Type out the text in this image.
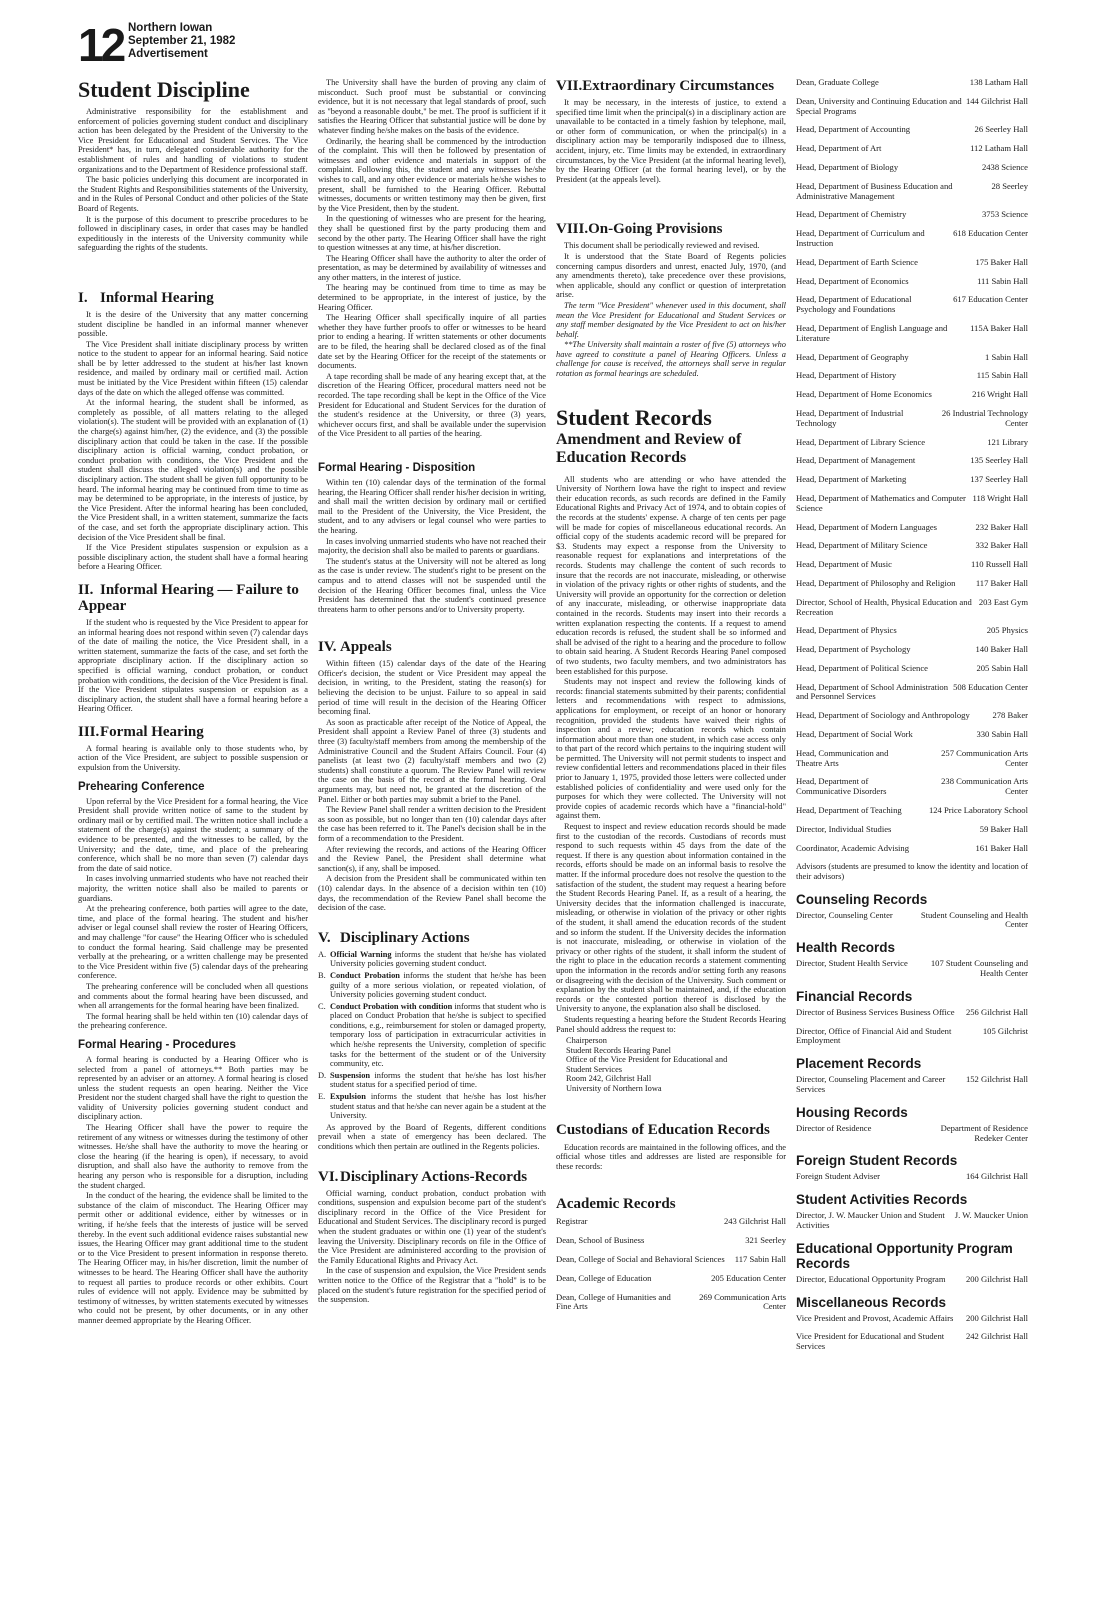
12 Northern Iowan
September 21, 1982
Advertisement
Student Discipline

Administrative responsibility for the establishment and enforcement of policies governing student conduct and disciplinary action has been delegated by the President of the University to the Vice President for Educational and Student Services. The Vice President* has, in turn, delegated considerable authority for the establishment of rules and handling of violations to student organizations and to the Department of Residence professional staff.

The basic policies underlying this document are incorporated in the Student Rights and Responsibilities statements of the University, and in the Rules of Personal Conduct and other policies of the State Board of Regents.

It is the purpose of this document to prescribe procedures to be followed in disciplinary cases, in order that cases may be handled expeditiously in the interests of the University community while safeguarding the rights of the students.

I. Informal Hearing

It is the desire of the University that any matter concerning student discipline be handled in an informal manner whenever possible.

The Vice President shall initiate disciplinary process by written notice to the student to appear for an informal hearing. Said notice shall be by letter addressed to the student at his/her last known residence, and mailed by ordinary mail or certified mail. Action must be initiated by the Vice President within fifteen (15) calendar days of the date on which the alleged offense was committed.

At the informal hearing, the student shall be informed, as completely as possible, of all matters relating to the alleged violation(s). The student will be provided with an explanation of (1) the charge(s) against him/her, (2) the evidence, and (3) the possible disciplinary action that could be taken in the case. If the possible disciplinary action is official warning, conduct probation, or conduct probation with conditions, the Vice President and the student shall discuss the alleged violation(s) and the possible disciplinary action. The student shall be given full opportunity to be heard. The informal hearing may be continued from time to time as may be determined to be appropriate, in the interests of justice, by the Vice President. After the informal hearing has been concluded, the Vice President shall, in a written statement, summarize the facts of the case, and set forth the appropriate disciplinary action. This decision of the Vice President shall be final.

If the Vice President stipulates suspension or expulsion as a possible disciplinary action, the student shall have a formal hearing before a Hearing Officer.

II. Informal Hearing — Failure to Appear

If the student who is requested by the Vice President to appear for an informal hearing does not respond within seven (7) calendar days of the date of mailing the notice, the Vice President shall, in a written statement, summarize the facts of the case, and set forth the appropriate disciplinary action. If the disciplinary action so specified is official warning, conduct probation, or conduct probation with conditions, the decision of the Vice President is final. If the Vice President stipulates suspension or expulsion as a disciplinary action, the student shall have a formal hearing before a Hearing Officer.

III.Formal Hearing

A formal hearing is available only to those students who, by action of the Vice President, are subject to possible suspension or expulsion from the University.

Prehearing Conference

Upon referral by the Vice President for a formal hearing, the Vice President shall provide written notice of same to the student by ordinary mail or by certified mail. The written notice shall include a statement of the charge(s) against the student; a summary of the evidence to be presented, and the witnesses to be called, by the University; and the date, time, and place of the prehearing conference, which shall be no more than seven (7) calendar days from the date of said notice.

In cases involving unmarried students who have not reached their majority, the written notice shall also be mailed to parents or guardians.

At the prehearing conference, both parties will agree to the date, time, and place of the formal hearing. The student and his/her adviser or legal counsel shall review the roster of Hearing Officers, and may challenge "for cause" the Hearing Officer who is scheduled to conduct the formal hearing. Said challenge may be presented verbally at the prehearing, or a written challenge may be presented to the Vice President within five (5) calendar days of the prehearing conference.

The prehearing conference will be concluded when all questions and comments about the formal hearing have been discussed, and when all arrangements for the formal hearing have been finalized.

The formal hearing shall be held within ten (10) calendar days of the prehearing conference.

Formal Hearing - Procedures

A formal hearing is conducted by a Hearing Officer who is selected from a panel of attorneys.** Both parties may be represented by an adviser or an attorney. A formal hearing is closed unless the student requests an open hearing. Neither the Vice President nor the student charged shall have the right to question the validity of University policies governing student conduct and disciplinary action.

The Hearing Officer shall have the power to require the retirement of any witness or witnesses during the testimony of other witnesses. He/she shall have the authority to move the hearing or close the hearing (if the hearing is open), if necessary, to avoid disruption, and shall also have the authority to remove from the hearing any person who is responsible for a disruption, including the student charged.

In the conduct of the hearing, the evidence shall be limited to the substance of the claim of misconduct. The Hearing Officer may permit other or additional evidence, either by witnesses or in writing, if he/she feels that the interests of justice will be served thereby. In the event such additional evidence raises substantial new issues, the Hearing Officer may grant additional time to the student or to the Vice President to present information in response thereto. The Hearing Officer may, in his/her discretion, limit the number of witnesses to be heard. The Hearing Officer shall have the authority to request all parties to produce records or other exhibits. Court rules of evidence will not apply. Evidence may be submitted by testimony of witnesses, by written statements executed by witnesses who could not be present, by other documents, or in any other manner deemed appropriate by the Hearing Officer.

The University shall have the burden of proving any claim of misconduct. Such proof must be substantial or convincing evidence, but it is not necessary that legal standards of proof, such as "beyond a reasonable doubt," be met. The proof is sufficient if it satisfies the Hearing Officer that substantial justice will be done by whatever finding he/she makes on the basis of the evidence.

Ordinarily, the hearing shall be commenced by the introduction of the complaint. This will then be followed by presentation of witnesses and other evidence and materials in support of the complaint. Following this, the student and any witnesses he/she wishes to call, and any other evidence or materials he/she wishes to present, shall be furnished to the Hearing Officer. Rebuttal witnesses, documents or written testimony may then be given, first by the Vice President, then by the student.

In the questioning of witnesses who are present for the hearing, they shall be questioned first by the party producing them and second by the other party. The Hearing Officer shall have the right to question witnesses at any time, at his/her discretion.

The Hearing Officer shall have the authority to alter the order of presentation, as may be determined by availability of witnesses and any other matters, in the interest of justice.

The hearing may be continued from time to time as may be determined to be appropriate, in the interest of justice, by the Hearing Officer.

The Hearing Officer shall specifically inquire of all parties whether they have further proofs to offer or witnesses to be heard prior to ending a hearing. If written statements or other documents are to be filed, the hearing shall be declared closed as of the final date set by the Hearing Officer for the receipt of the statements or documents.

A tape recording shall be made of any hearing except that, at the discretion of the Hearing Officer, procedural matters need not be recorded. The tape recording shall be kept in the Office of the Vice President for Educational and Student Services for the duration of the student's residence at the University, or three (3) years, whichever occurs first, and shall be available under the supervision of the Vice President to all parties of the hearing.

Formal Hearing - Disposition

Within ten (10) calendar days of the termination of the formal hearing, the Hearing Officer shall render his/her decision in writing, and shall mail the written decision by ordinary mail or certified mail to the President of the University, the Vice President, the student, and to any advisers or legal counsel who were parties to the hearing.

In cases involving unmarried students who have not reached their majority, the decision shall also be mailed to parents or guardians.

The student's status at the University will not be altered as long as the case is under review. The student's right to be present on the campus and to attend classes will not be suspended until the decision of the Hearing Officer becomes final, unless the Vice President has determined that the student's continued presence threatens harm to other persons and/or to University property.

IV. Appeals

Within fifteen (15) calendar days of the date of the Hearing Officer's decision, the student or Vice President may appeal the decision, in writing, to the President, stating the reason(s) for believing the decision to be unjust. Failure to so appeal in said period of time will result in the decision of the Hearing Officer becoming final.

As soon as practicable after receipt of the Notice of Appeal, the President shall appoint a Review Panel of three (3) students and three (3) faculty/staff members from among the membership of the Administrative Council and the Student Affairs Council. Four (4) panelists (at least two (2) faculty/staff members and two (2) students) shall constitute a quorum. The Review Panel will review the case on the basis of the record at the formal hearing. Oral arguments may, but need not, be granted at the discretion of the Panel. Either or both parties may submit a brief to the Panel.

The Review Panel shall render a written decision to the President as soon as possible, but no longer than ten (10) calendar days after the case has been referred to it. The Panel's decision shall be in the form of a recommendation to the President.

After reviewing the records, and actions of the Hearing Officer and the Review Panel, the President shall determine what sanction(s), if any, shall be imposed.

A decision from the President shall be communicated within ten (10) calendar days. In the absence of a decision within ten (10) days, the recommendation of the Review Panel shall become the decision of the case.

V. Disciplinary Actions
A. Official Warning informs the student that he/she has violated University policies governing student conduct.
B. Conduct Probation informs the student that he/she has been guilty of a more serious violation, or repeated violation, of University policies governing student conduct.
C. Conduct Probation with condition informs that student who is placed on Conduct Probation that he/she is subject to specified conditions, e.g., reimbursement for stolen or damaged property, temporary loss of participation in extracurricular activities in which he/she represents the University, completion of specific tasks for the betterment of the student or of the University community, etc.
D. Suspension informs the student that he/she has lost his/her student status for a specified period of time.
E. Expulsion informs the student that he/she has lost his/her student status and that he/she can never again be a student at the University.

As approved by the Board of Regents, different conditions prevail when a state of emergency has been declared. The conditions which then pertain are outlined in the Regents policies.

VI. Disciplinary Actions-Records

Official warning, conduct probation, conduct probation with conditions, suspension and expulsion become part of the student's disciplinary record in the Office of the Vice President for Educational and Student Services. The disciplinary record is purged when the student graduates or within one (1) year of the student's leaving the University. Disciplinary records on file in the Office of the Vice President are administered according to the provision of the Family Educational Rights and Privacy Act.

In the case of suspension and expulsion, the Vice President sends written notice to the Office of the Registrar that a "hold" is to be placed on the student's future registration for the specified period of the suspension.

VII.Extraordinary Circumstances

It may be necessary, in the interests of justice, to extend a specified time limit when the principal(s) in a disciplinary action are unavailable to be contacted in a timely fashion by telephone, mail, or other form of communication, or when the principal(s) in a disciplinary action may be temporarily indisposed due to illness, accident, injury, etc. Time limits may be extended, in extraordinary circumstances, by the Vice President (at the informal hearing level), by the Hearing Officer (at the formal hearing level), or by the President (at the appeals level).

VIII.On-Going Provisions

This document shall be periodically reviewed and revised.

It is understood that the State Board of Regents policies concerning campus disorders and unrest, enacted July, 1970, (and any amendments thereto), take precedence over these provisions, when applicable, should any conflict or question of interpretation arise.

The term "Vice President" whenever used in this document, shall mean the Vice President for Educational and Student Services or any staff member designated by the Vice President to act on his/her behalf.

**The University shall maintain a roster of five (5) attorneys who have agreed to constitute a panel of Hearing Officers. Unless a challenge for cause is received, the attorneys shall serve in regular rotation as formal hearings are scheduled.

Student Records
Amendment and Review of Education Records

All students who are attending or who have attended the University of Northern Iowa have the right to inspect and review their education records, as such records are defined in the Family Educational Rights and Privacy Act of 1974, and to obtain copies of the records at the students' expense. A charge of ten cents per page will be made for copies of miscellaneous educational records. An official copy of the students academic record will be prepared for $3. Students may expect a response from the University to reasonable request for explanations and interpretations of the records. Students may challenge the content of such records to insure that the records are not inaccurate, misleading, or otherwise in violation of the privacy rights or other rights of students, and the University will provide an opportunity for the correction or deletion of any inaccurate, misleading, or otherwise inappropriate data contained in the records. Students may insert into their records a written explanation respecting the contents. If a request to amend education records is refused, the student shall be so informed and shall be advised of the right to a hearing and the procedure to follow to obtain said hearing. A Student Records Hearing Panel composed of two students, two faculty members, and two administrators has been established for this purpose.

Students may not inspect and review the following kinds of records: financial statements submitted by their parents; confidential letters and recommendations with respect to admissions, applications for employment, or receipt of an honor or honorary recognition, provided the students have waived their rights of inspection and a review; education records which contain information about more than one student, in which case access only to that part of the record which pertains to the inquiring student will be permitted. The University will not permit students to inspect and review confidential letters and recommendations placed in their files prior to January 1, 1975, provided those letters were collected under established policies of confidentiality and were used only for the purposes for which they were collected. The University will not provide copies of academic records which have a "financial-hold" against them.

Request to inspect and review education records should be made first to the custodian of the records. Custodians of records must respond to such requests within 45 days from the date of the request. If there is any question about information contained in the records, efforts should be made on an informal basis to resolve the matter. If the informal procedure does not resolve the question to the satisfaction of the student, the student may request a hearing before the Student Records Hearing Panel. If, as a result of a hearing, the University decides that the information challenged is inaccurate, misleading, or otherwise in violation of the privacy or other rights of the student, it shall amend the education records of the student and so inform the student. If the University decides the information is not inaccurate, misleading, or otherwise in violation of the privacy or other rights of the student, it shall inform the student of the right to place in the education records a statement commenting upon the information in the records and/or setting forth any reasons or disagreeing with the decision of the University. Such comment or explanation by the student shall be maintained, and, if the education records or the contested portion thereof is disclosed by the University to anyone, the explanation also shall be disclosed.

Students requesting a hearing before the Student Records Hearing Panel should address the request to:

Chairperson
Student Records Hearing Panel
Office of the Vice President for Educational and
Student Services
Room 242, Gilchrist Hall
University of Northern Iowa
Custodians of Education Records

Education records are maintained in the following offices, and the official whose titles and addresses are listed are responsible for these records:

Academic Records
Registrar	243 Gilchrist Hall
Dean, School of Business	321 Seerley
Dean, College of Social and Behavioral Sciences	117 Sabin Hall
Dean, College of Education	205 Education Center
Dean, College of Humanities and Fine Arts
269 Communication Arts Center
Dean, Graduate College	138 Latham Hall
Dean, University and Continuing Education and Special Programs
144 Gilchrist Hall
Head, Department of Accounting	26 Seerley Hall
Head, Department of Art	112 Latham Hall
Head, Department of Biology	2438 Science
Head, Department of Business Education and Administrative Management
28 Seerley
Head, Department of Chemistry	3753 Science
Head, Department of Curriculum and Instruction
618 Education Center
Head, Department of Earth Science	175 Baker Hall
Head, Department of Economics	111 Sabin Hall
Head, Department of Educational Psychology and Foundations
617 Education Center
Head, Department of English Language and Literature
115A Baker Hall
Head, Department of Geography	1 Sabin Hall
Head, Department of History	115 Sabin Hall
Head, Department of Home Economics	216 Wright Hall
Head, Department of Industrial Technology
26 Industrial Technology Center
Head, Department of Library Science	121 Library
Head, Department of Management	135 Seerley Hall
Head, Department of Marketing	137 Seerley Hall
Head, Department of Mathematics and Computer Science
118 Wright Hall
Head, Department of Modern Languages	232 Baker Hall
Head, Department of Military Science	332 Baker Hall
Head, Department of Music	110 Russell Hall
Head, Department of Philosophy and Religion	117 Baker Hall
Director, School of Health, Physical Education and Recreation
203 East Gym
Head, Department of Physics	205 Physics
Head, Department of Psychology	140 Baker Hall
Head, Department of Political Science	205 Sabin Hall
Head, Department of School Administration and Personnel Services
508 Education Center
Head, Department of Sociology and Anthropology	278 Baker
Head, Department of Social Work	330 Sabin Hall
Head, Communication and Theatre Arts
257 Communication Arts Center
Head, Department of Communicative Disorders
238 Communication Arts Center
Head, Department of Teaching	124 Price Laboratory School
Director, Individual Studies	59 Baker Hall
Coordinator, Academic Advising	161 Baker Hall

Advisors (students are presumed to know the identity and location of their advisors)

Counseling Records
Director, Counseling Center	Student Counseling and Health Center
Health Records
Director, Student Health Service	107 Student Counseling and Health Center
Financial Records
Director of Business Services Business Office	256 Gilchrist Hall
Director, Office of Financial Aid and Student Employment
105 Gilchrist
Placement Records
Director, Counseling Placement and Career Services
152 Gilchrist Hall
Housing Records
Director of Residence	Department of Residence Redeker Center
Foreign Student Records
Foreign Student Adviser	164 Gilchrist Hall
Student Activities Records
Director, J. W. Maucker Union and Student Activities
J. W. Maucker Union
Educational Opportunity Program Records
Director, Educational Opportunity Program	200 Gilchrist Hall
Miscellaneous Records
Vice President and Provost, Academic Affairs	200 Gilchrist Hall
Vice President for Educational and Student Services
242 Gilchrist Hall
